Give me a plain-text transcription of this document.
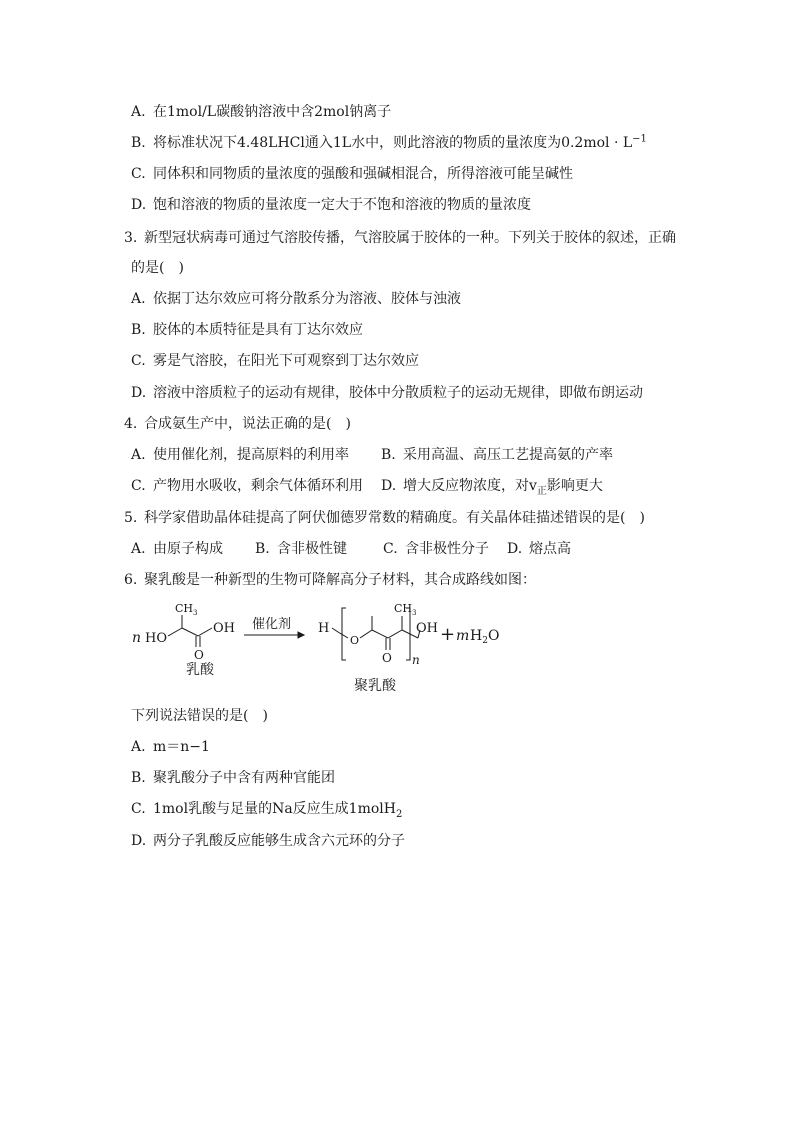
A. 在1mol/L碳酸钠溶液中含2mol钠离子
B. 将标准状况下4.48LHCl通入1L水中，则此溶液的物质的量浓度为$0.2mol \cdot L^{-1}$
C. 同体积和同物质的量浓度的强酸和强碱相混合，所得溶液可能呈碱性
D. 饱和溶液的物质的量浓度一定大于不饱和溶液的物质的量浓度
3. 新型冠状病毒可通过气溶胶传播，气溶胶属于胶体的一种。下列关于胶体的叙述，正确
的是(　)
A. 依据丁达尔效应可将分散系分为溶液、胶体与浊液
B. 胶体的本质特征是具有丁达尔效应
C. 雾是气溶胶，在阳光下可观察到丁达尔效应
D. 溶液中溶质粒子的运动有规律，胶体中分散质粒子的运动无规律，即做布朗运动
4. 合成氨生产中，说法正确的是(　)
A. 使用催化剂，提高原料的利用率 B. 采用高温、高压工艺提高氨的产率
C. 产物用水吸收，剩余气体循环利用 D. 增大反应物浓度，对$v_正$影响更大
5. 科学家借助晶体硅提高了阿伏伽德罗常数的精确度。有关晶体硅描述错误的是(　)
A. 由原子构成 B. 含非极性键	C. 含非极性分子 D. 熔点高
6. 聚乳酸是一种新型的生物可降解高分子材料，其合成路线如图：
n HO
$CH_3$
OH
O
乳酸
催化剂 H
O
$CH_3$
O
OH
n
聚乳酸
+ m $H_2O$
下列说法错误的是(　)
A. m＝n−1
B. 聚乳酸分子中含有两种官能团
C. 1mol乳酸与足量的Na反应生成1molH$_2$
D. 两分子乳酸反应能够生成含六元环的分子
